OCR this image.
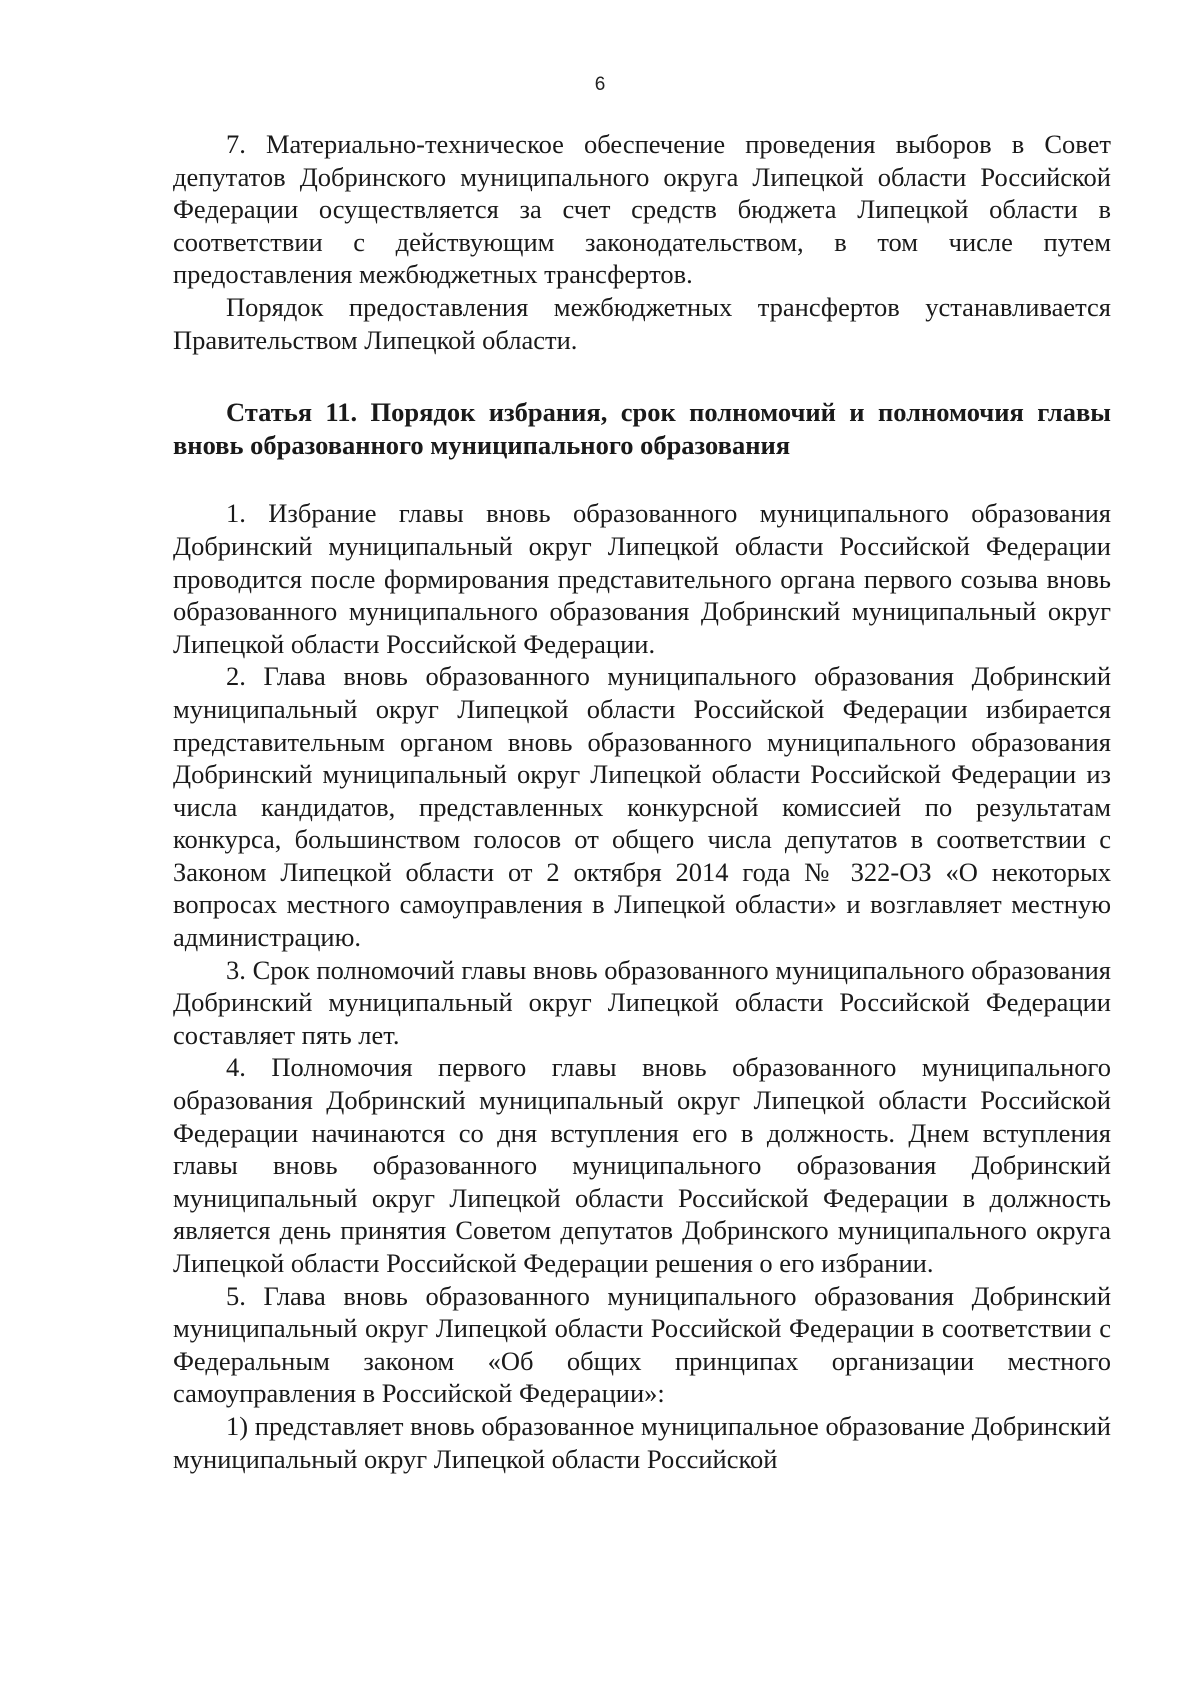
6

7. Материально-техническое обеспечение проведения выборов в Совет депутатов Добринского муниципального округа Липецкой области Российской Федерации осуществляется за счет средств бюджета Липецкой области в соответствии с действующим законодательством, в том числе путем предоставления межбюджетных трансфертов.

Порядок предоставления межбюджетных трансфертов устанавливается Правительством Липецкой области.

Статья 11. Порядок избрания, срок полномочий и полномочия главы вновь образованного муниципального образования

1. Избрание главы вновь образованного муниципального образования Добринский муниципальный округ Липецкой области Российской Федерации проводится после формирования представительного органа первого созыва вновь образованного муниципального образования Добринский муниципальный округ Липецкой области Российской Федерации.

2. Глава вновь образованного муниципального образования Добринский муниципальный округ Липецкой области Российской Федерации избирается представительным органом вновь образованного муниципального образования Добринский муниципальный округ Липецкой области Российской Федерации из числа кандидатов, представленных конкурсной комиссией по результатам конкурса, большинством голосов от общего числа депутатов в соответствии с Законом Липецкой области от 2 октября 2014 года № 322-ОЗ «О некоторых вопросах местного самоуправления в Липецкой области» и возглавляет местную администрацию.

3. Срок полномочий главы вновь образованного муниципального образования Добринский муниципальный округ Липецкой области Российской Федерации составляет пять лет.

4. Полномочия первого главы вновь образованного муниципального образования Добринский муниципальный округ Липецкой области Российской Федерации начинаются со дня вступления его в должность. Днем вступления главы вновь образованного муниципального образования Добринский муниципальный округ Липецкой области Российской Федерации в должность является день принятия Советом депутатов Добринского муниципального округа Липецкой области Российской Федерации решения о его избрании.

5. Глава вновь образованного муниципального образования Добринский муниципальный округ Липецкой области Российской Федерации в соответствии с Федеральным законом «Об общих принципах организации местного самоуправления в Российской Федерации»:

1) представляет вновь образованное муниципальное образование Добринский муниципальный округ Липецкой области Российской
